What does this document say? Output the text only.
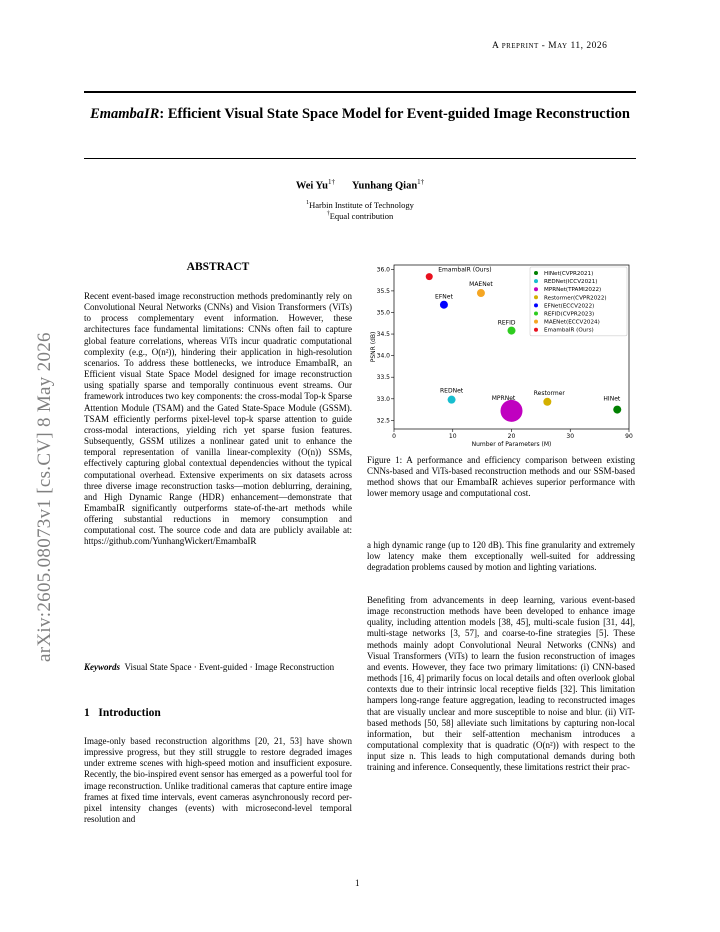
A preprint - May 11, 2026
EmambaIR: Efficient Visual State Space Model for Event-guided Image Reconstruction
Wei $Yu^{1\dagger}$ Yunhang Qian$^{1\dagger}$
$^1$Harbin Institute of Technology
†Equal contribution
arXiv:2605.08073v1 [cs.CV] 8 May 2026
ABSTRACT
Recent event-based image reconstruction methods predominantly rely on Convolutional Neural Networks (CNNs) and Vision Transformers (ViTs) to process complementary event information. However, these architectures face fundamental limitations: CNNs often fail to capture global feature correlations, whereas ViTs incur quadratic computational complexity (e.g., O(n²)), hindering their application in high-resolution scenarios. To address these bottlenecks, we introduce EmambaIR, an Efficient visual State Space Model designed for image reconstruction using spatially sparse and temporally continuous event streams. Our framework introduces two key components: the cross-modal Top-k Sparse Attention Module (TSAM) and the Gated State-Space Module (GSSM). TSAM efficiently performs pixel-level top-k sparse attention to guide cross-modal interactions, yielding rich yet sparse fusion features. Subsequently, GSSM utilizes a nonlinear gated unit to enhance the temporal representation of vanilla linear-complexity (O(n)) SSMs, effectively capturing global contextual dependencies without the typical computational overhead. Extensive experiments on six datasets across three diverse image reconstruction tasks—motion deblurring, deraining, and High Dynamic Range (HDR) enhancement—demonstrate that EmambaIR significantly outperforms state-of-the-art methods while offering substantial reductions in memory consumption and computational cost. The source code and data are publicly available at: https://github.com/YunhangWickert/EmambaIR
Keywords Visual State Space · Event-guided · Image Reconstruction
1 Introduction
Image-only based reconstruction algorithms [20, 21, 53] have shown impressive progress, but they still struggle to restore degraded images under extreme scenes with high-speed motion and insufficient exposure. Recently, the bio-inspired event sensor has emerged as a powerful tool for image reconstruction. Unlike traditional cameras that capture entire image frames at fixed time intervals, event cameras asynchronously record per-pixel intensity changes (events) with microsecond-level temporal resolution and
0	10	20	30	90
32.5
33.0
33.5
34.0
34.5
35.0
35.5
36.0
Number of Parameters (M)
PSNR (dB)
HINet
REDNet
MPRNet
Restormer
EFNet
REFID
MAENet
EmambaIR (Ours)
HINet(CVPR2021)
REDNet(ICCV2021)
MPRNet(TPAMI2022)
Restormer(CVPR2022)
EFNet(ECCV2022)
REFID(CVPR2023)
MAENet(ECCV2024)
EmambaIR (Ours)
Figure 1: A performance and efficiency comparison between existing CNNs-based and ViTs-based reconstruction methods and our SSM-based method shows that our EmambaIR achieves superior performance with lower memory usage and computational cost.
a high dynamic range (up to 120 dB). This fine granularity and extremely low latency make them exceptionally well-suited for addressing degradation problems caused by motion and lighting variations.
Benefiting from advancements in deep learning, various event-based image reconstruction methods have been developed to enhance image quality, including attention models [38, 45], multi-scale fusion [31, 44], multi-stage networks [3, 57], and coarse-to-fine strategies [5]. These methods mainly adopt Convolutional Neural Networks (CNNs) and Visual Transformers (ViTs) to learn the fusion reconstruction of images and events. However, they face two primary limitations: (i) CNN-based methods [16, 4] primarily focus on local details and often overlook global contexts due to their intrinsic local receptive fields [32]. This limitation hampers long-range feature aggregation, leading to reconstructed images that are visually unclear and more susceptible to noise and blur. (ii) ViT-based methods [50, 58] alleviate such limitations by capturing non-local information, but their self-attention mechanism introduces a computational complexity that is quadratic (O(n²)) with respect to the input size n. This leads to high computational demands during both training and inference. Consequently, these limitations restrict their prac-
1
